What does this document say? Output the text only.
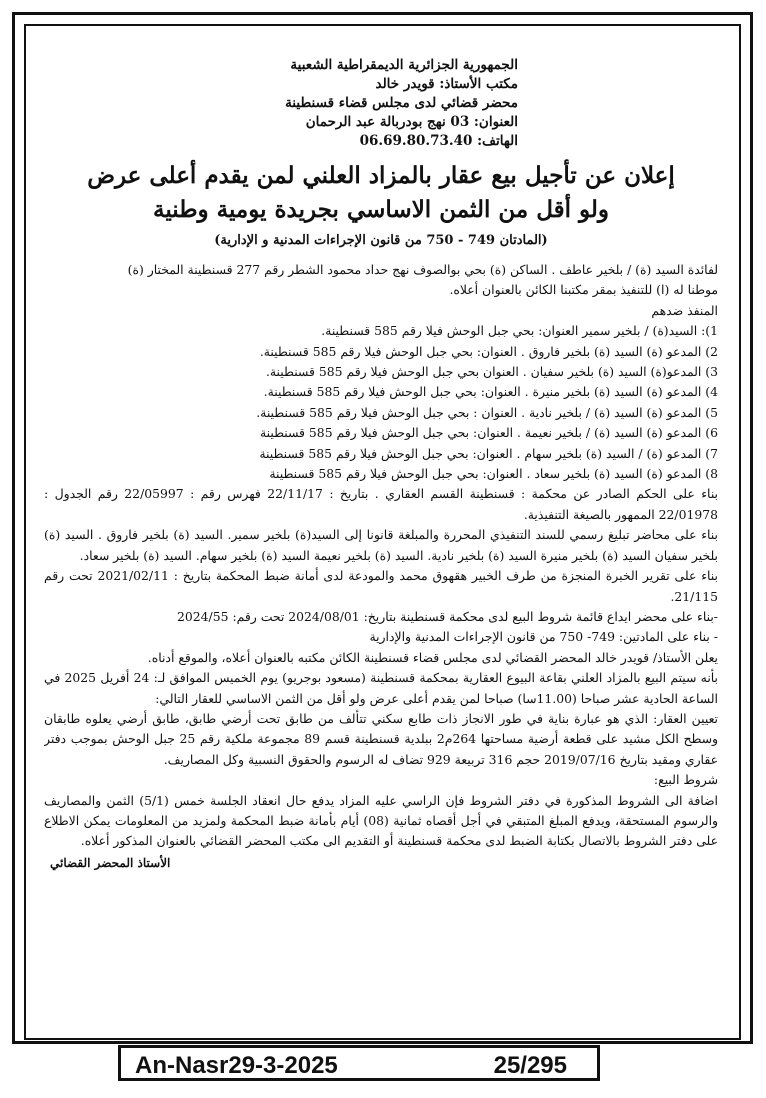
الجمهورية الجزائرية الديمقراطية الشعبية
مكتب الأستاذ: قويدر خالد
محضر قضائي لدى مجلس قضاء قسنطينة
العنوان: 03 نهج بودربالة عبد الرحمان
الهاتف: 06.69.80.73.40
إعلان عن تأجيل بيع عقار بالمزاد العلني لمن يقدم أعلى عرض
ولو أقل من الثمن الاساسي بجريدة يومية وطنية
(المادتان 749 - 750 من قانون الإجراءات المدنية و الإدارية)

لفائدة السيد (ة) / بلخير عاطف . الساكن (ة) بحي بوالصوف نهج حداد محمود الشطر رقم 277 قسنطينة المختار (ة)

موطنا له (ا) للتنفيذ بمقر مكتبنا الكائن بالعنوان أعلاه.

المنفذ ضدهم

1): السيد(ة) / بلخير سمير العنوان: بحي جبل الوحش فيلا رقم 585 قسنطينة.

2) المدعو (ة) السيد (ة) بلخير فاروق . العنوان: بحي جبل الوحش فيلا رقم 585 قسنطينة.

3) المدعو(ة) السيد (ة) بلخير سفيان . العنوان بحي جبل الوحش فيلا رقم 585 قسنطينة.

4) المدعو (ة) السيد (ة) بلخير منيرة . العنوان: بحي جبل الوحش فيلا رقم 585 قسنطينة.

5) المدعو (ة) السيد (ة) / بلخير نادية . العنوان : بحي جبل الوحش فيلا رقم 585 قسنطينة.

6) المدعو (ة) السيد (ة) / بلخير نعيمة . العنوان: بحي جبل الوحش فيلا رقم 585 قسنطينة

7) المدعو (ة) / السيد (ة) بلخير سهام . العنوان: بحي جبل الوحش فيلا رقم 585 قسنطينة

8) المدعو (ة) السيد (ة) بلخير سعاد . العنوان: بحي جبل الوحش فيلا رقم 585 قسنطينة

بناء على الحكم الصادر عن محكمة : قسنطينة القسم العقاري . بتاريخ : 22/11/17 فهرس رقم : 22/05997 رقم الجدول : 22/01978 الممهور بالصيغة التنفيذية.

بناء على محاضر تبليغ رسمي للسند التنفيذي المحررة والمبلغة قانونا إلى السيد(ة) بلخير سمير. السيد (ة) بلخير فاروق . السيد (ة) بلخير سفيان السيد (ة) بلخير منيرة السيد (ة) بلخير نادية. السيد (ة) بلخير نعيمة السيد (ة) بلخير سهام. السيد (ة) بلخير سعاد.

بناء على تقرير الخبرة المنجزة من طرف الخبير هقهوق محمد والمودعة لدى أمانة ضبط المحكمة بتاريخ : 2021/02/11 تحت رقم 21/115.

-بناء على محضر ايداع قائمة شروط البيع لدى محكمة قسنطينة بتاريخ: 2024/08/01 تحت رقم: 2024/55

- بناء على المادتين: 749- 750 من قانون الإجراءات المدنية والإدارية

يعلن الأستاذ/ قويدر خالد المحضر القضائي لدى مجلس قضاء قسنطينة الكائن مكتبه بالعنوان أعلاه، والموقع أدناه.

بأنه سيتم البيع بالمزاد العلني بقاعة البيوع العقارية بمحكمة قسنطينة (مسعود بوجريو) يوم الخميس الموافق لـ: 24 أفريل 2025 في الساعة الحادية عشر صباحا (11.00سا) صباحا لمن يقدم أعلى عرض ولو أقل من الثمن الاساسي للعقار التالي:

تعيين العقار: الذي هو عبارة بناية في طور الانجاز ذات طابع سكني تتألف من طابق تحت أرضي طابق، طابق أرضي يعلوه طابقان وسطح الكل مشيد على قطعة أرضية مساحتها 264م2 ببلدية قسنطينة قسم 89 مجموعة ملكية رقم 25 جبل الوحش بموجب دفتر عقاري ومقيد بتاريخ 2019/07/16 حجم 316 تربيعة 929 تضاف له الرسوم والحقوق النسبية وكل المصاريف.

شروط البيع:

اضافة الى الشروط المذكورة في دفتر الشروط فإن الراسي عليه المزاد يدفع حال انعقاد الجلسة خمس (5/1) الثمن والمصاريف والرسوم المستحقة، ويدفع المبلغ المتبقي في أجل أقصاه ثمانية (08) أيام بأمانة ضبط المحكمة ولمزيد من المعلومات يمكن الاطلاع على دفتر الشروط بالاتصال بكتابة الضبط لدى محكمة قسنطينة أو التقديم الى مكتب المحضر القضائي بالعنوان المذكور أعلاه.

الأستاذ المحضر القضائي
An-Nasr29-3-2025	25/295
